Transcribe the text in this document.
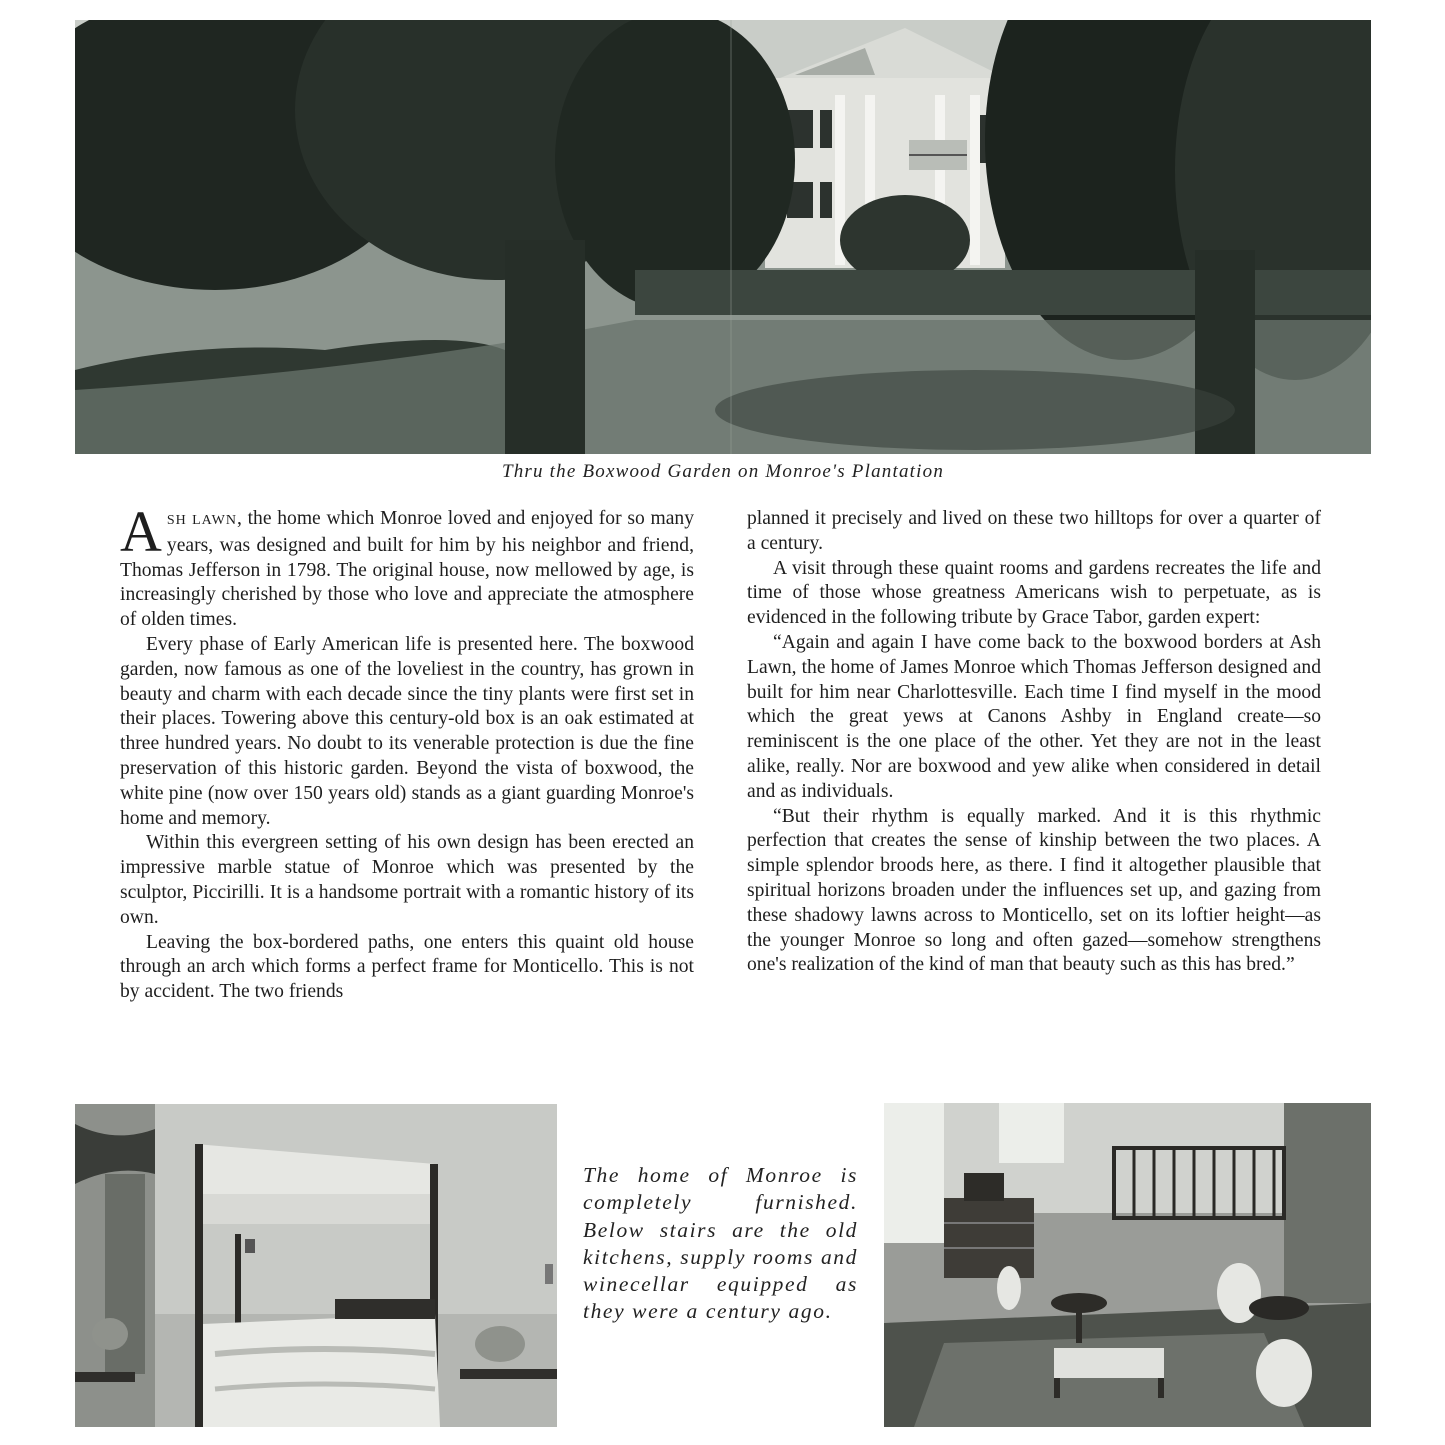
Thru the Boxwood Garden on Monroe's Plantation

ASH LAWN, the home which Monroe loved and enjoyed for so many years, was designed and built for him by his neighbor and friend, Thomas Jefferson in 1798. The original house, now mellowed by age, is increasingly cherished by those who love and appreciate the atmosphere of olden times.

Every phase of Early American life is presented here. The boxwood garden, now famous as one of the loveliest in the country, has grown in beauty and charm with each decade since the tiny plants were first set in their places. Towering above this century-old box is an oak estimated at three hundred years. No doubt to its venerable protection is due the fine preservation of this historic garden. Beyond the vista of boxwood, the white pine (now over 150 years old) stands as a giant guarding Monroe's home and memory.

Within this evergreen setting of his own design has been erected an impressive marble statue of Monroe which was presented by the sculptor, Piccirilli. It is a handsome portrait with a romantic history of its own.

Leaving the box-bordered paths, one enters this quaint old house through an arch which forms a perfect frame for Monticello. This is not by accident. The two friends

planned it precisely and lived on these two hilltops for over a quarter of a century.

A visit through these quaint rooms and gardens recreates the life and time of those whose greatness Americans wish to perpetuate, as is evidenced in the following tribute by Grace Tabor, garden expert:

“Again and again I have come back to the boxwood borders at Ash Lawn, the home of James Monroe which Thomas Jefferson designed and built for him near Charlottesville. Each time I find myself in the mood which the great yews at Canons Ashby in England create—so reminiscent is the one place of the other. Yet they are not in the least alike, really. Nor are boxwood and yew alike when considered in detail and as individuals.

“But their rhythm is equally marked. And it is this rhythmic perfection that creates the sense of kinship between the two places. A simple splendor broods here, as there. I find it altogether plausible that spiritual horizons broaden under the influences set up, and gazing from these shadowy lawns across to Monticello, set on its loftier height—as the younger Monroe so long and often gazed—somehow strengthens one's realization of the kind of man that beauty such as this has bred.”

The home of Monroe is completely furnished. Below stairs are the old kitchens, supply rooms and winecellar equipped as they were a century ago.
